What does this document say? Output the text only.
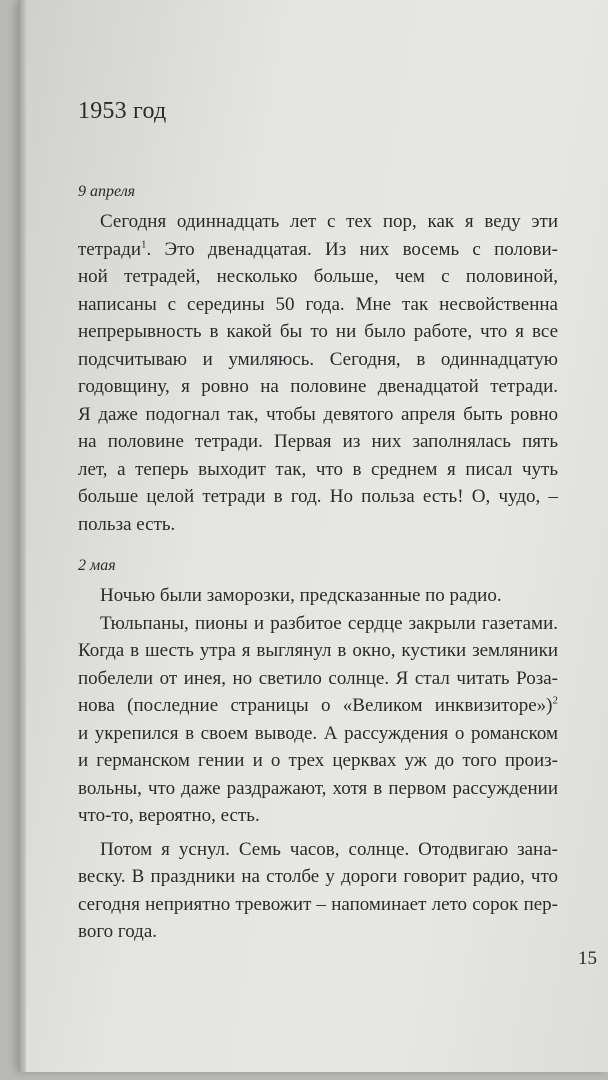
1953 год

9 апреля

Сегодня одиннадцать лет с тех пор, как я веду эти
тетради$^1$. Это двенадцатая. Из них восемь с полови-
ной тетрадей, несколько больше, чем с половиной,
написаны с середины 50 года. Мне так несвойственна
непрерывность в какой бы то ни было работе, что я все
подсчитываю и умиляюсь. Сегодня, в одиннадцатую
годовщину, я ровно на половине двенадцатой тетради.
Я даже подогнал так, чтобы девятого апреля быть ровно
на половине тетради. Первая из них заполнялась пять
лет, а теперь выходит так, что в среднем я писал чуть
больше целой тетради в год. Но польза есть! О, чудо, –
польза есть.

2 мая

Ночью были заморозки, предсказанные по радио.

Тюльпаны, пионы и разбитое сердце закрыли газетами.
Когда в шесть утра я выглянул в окно, кустики земляники
побелели от инея, но светило солнце. Я стал читать Роза-
нова (последние страницы о «Великом инквизиторе»)$^2$
и укрепился в своем выводе. А рассуждения о романском
и германском гении и о трех церквах уж до того произ-
вольны, что даже раздражают, хотя в первом рассуждении
что-то, вероятно, есть.

Потом я уснул. Семь часов, солнце. Отодвигаю зана-
веску. В праздники на столбе у дороги говорит радио, что
сегодня неприятно тревожит – напоминает лето сорок пер-
вого года.

15
